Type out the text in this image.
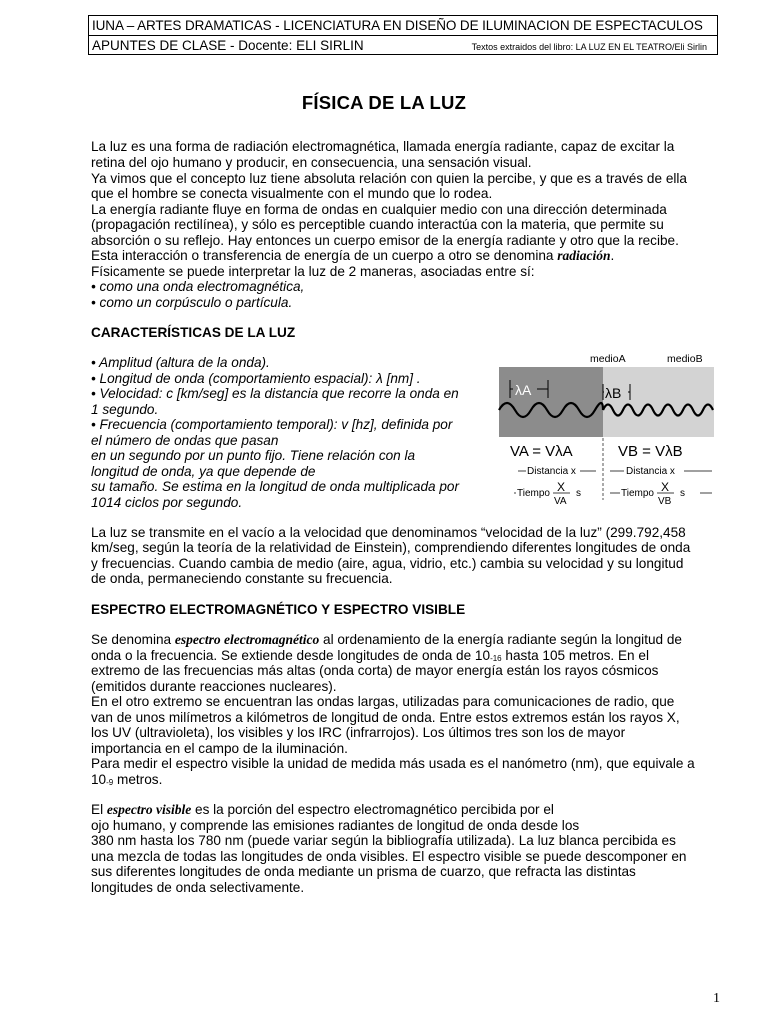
IUNA – ARTES DRAMATICAS - LICENCIATURA EN DISEÑO DE ILUMINACION DE ESPECTACULOS
APUNTES DE CLASE - Docente: ELI SIRLIN	Textos extraidos del libro: LA LUZ EN EL TEATRO/Eli Sirlin
FÍSICA DE LA LUZ
La luz es una forma de radiación electromagnética, llamada energía radiante, capaz de excitar la
retina del ojo humano y producir, en consecuencia, una sensación visual.
Ya vimos que el concepto luz tiene absoluta relación con quien la percibe, y que es a través de ella
que el hombre se conecta visualmente con el mundo que lo rodea.
La energía radiante fluye en forma de ondas en cualquier medio con una dirección determinada
(propagación rectilínea), y sólo es perceptible cuando interactúa con la materia, que permite su
absorción o su reflejo. Hay entonces un cuerpo emisor de la energía radiante y otro que la recibe.
Esta interacción o transferencia de energía de un cuerpo a otro se denomina radiación.
Físicamente se puede interpretar la luz de 2 maneras, asociadas entre sí:
• como una onda electromagnética,
• como un corpúsculo o partícula.
CARACTERÍSTICAS DE LA LUZ
• Amplitud (altura de la onda).
• Longitud de onda (comportamiento espacial): λ [nm] .
• Velocidad: c [km/seg] es la distancia que recorre la onda en
1 segundo.
• Frecuencia (comportamiento temporal): v [hz], definida por
el número de ondas que pasan
en un segundo por un punto fijo. Tiene relación con la
longitud de onda, ya que depende de
su tamaño. Se estima en la longitud de onda multiplicada por
1014 ciclos por segundo.
medioA	medioB
λA	λB
VA = VλA	VB = VλB
Distancia x	Distancia x
Tiempo X
VA
s	Tiempo X
VB
s
La luz se transmite en el vacío a la velocidad que denominamos “velocidad de la luz” (299.792,458
km/seg, según la teoría de la relatividad de Einstein), comprendiendo diferentes longitudes de onda
y frecuencias. Cuando cambia de medio (aire, agua, vidrio, etc.) cambia su velocidad y su longitud
de onda, permaneciendo constante su frecuencia.
ESPECTRO ELECTROMAGNÉTICO Y ESPECTRO VISIBLE
Se denomina espectro electromagnético al ordenamiento de la energía radiante según la longitud de
onda o la frecuencia. Se extiende desde longitudes de onda de 10-16 hasta 105 metros. En el
extremo de las frecuencias más altas (onda corta) de mayor energía están los rayos cósmicos
(emitidos durante reacciones nucleares).
En el otro extremo se encuentran las ondas largas, utilizadas para comunicaciones de radio, que
van de unos milímetros a kilómetros de longitud de onda. Entre estos extremos están los rayos X,
los UV (ultravioleta), los visibles y los IRC (infrarrojos). Los últimos tres son los de mayor
importancia en el campo de la iluminación.
Para medir el espectro visible la unidad de medida más usada es el nanómetro (nm), que equivale a
10-9 metros.
El espectro visible es la porción del espectro electromagnético percibida por el
ojo humano, y comprende las emisiones radiantes de longitud de onda desde los
380 nm hasta los 780 nm (puede variar según la bibliografía utilizada). La luz blanca percibida es
una mezcla de todas las longitudes de onda visibles. El espectro visible se puede descomponer en
sus diferentes longitudes de onda mediante un prisma de cuarzo, que refracta las distintas
longitudes de onda selectivamente.
1
